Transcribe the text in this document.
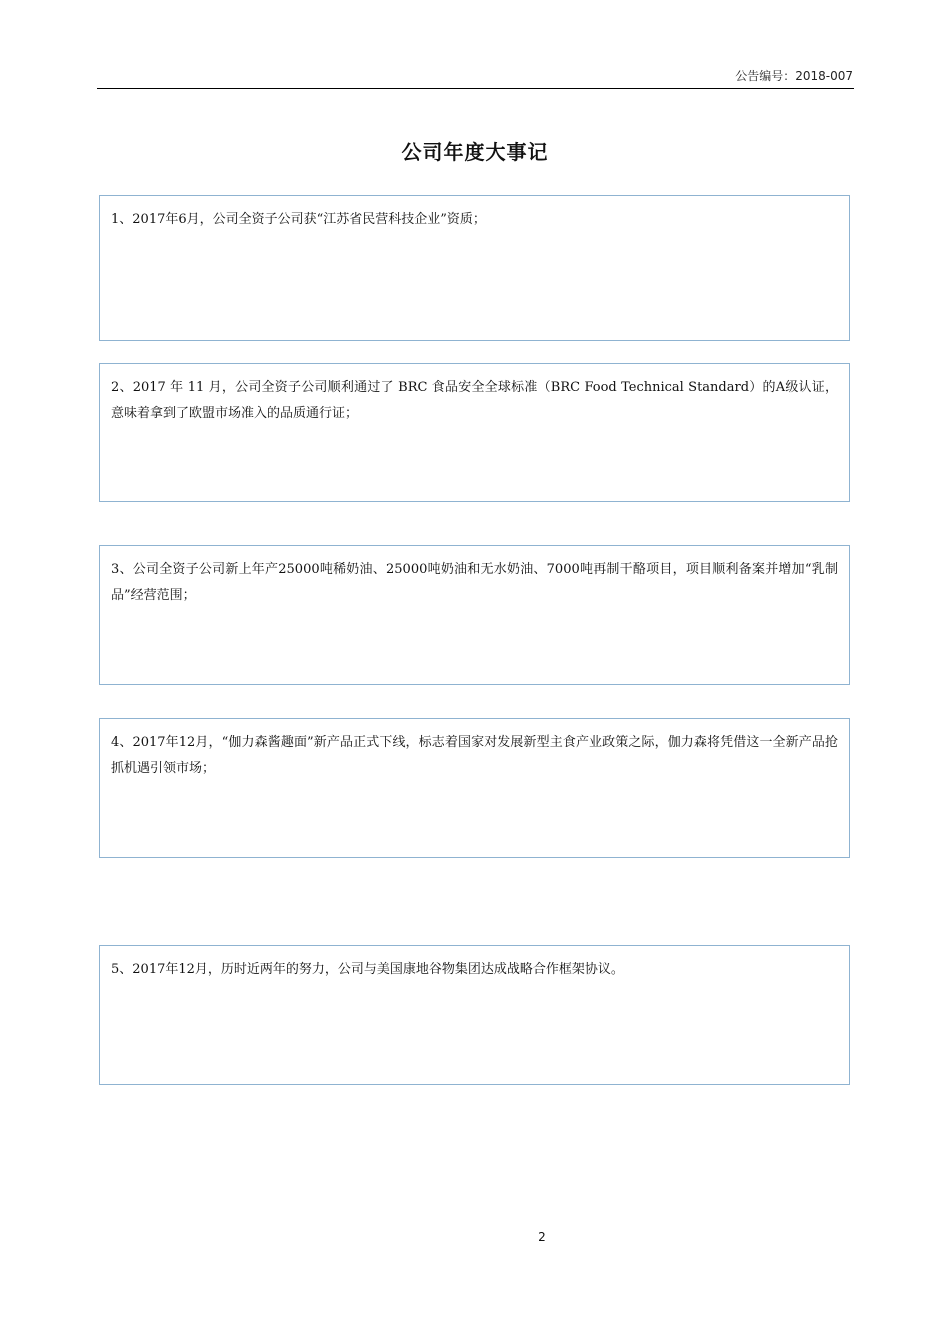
公告编号：2018-007
公司年度大事记
1、2017年6月，公司全资子公司获“江苏省民营科技企业”资质；
2、2017 年 11 月，公司全资子公司顺利通过了 BRC 食品安全全球标准（BRC Food Technical Standard）的A级认证，意味着拿到了欧盟市场准入的品质通行证；
3、公司全资子公司新上年产25000吨稀奶油、25000吨奶油和无水奶油、7000吨再制干酪项目，项目顺利备案并增加“乳制品”经营范围；
4、2017年12月，“伽力森酱趣面”新产品正式下线，标志着国家对发展新型主食产业政策之际，伽力森将凭借这一全新产品抢抓机遇引领市场；
5、2017年12月，历时近两年的努力，公司与美国康地谷物集团达成战略合作框架协议。
2
